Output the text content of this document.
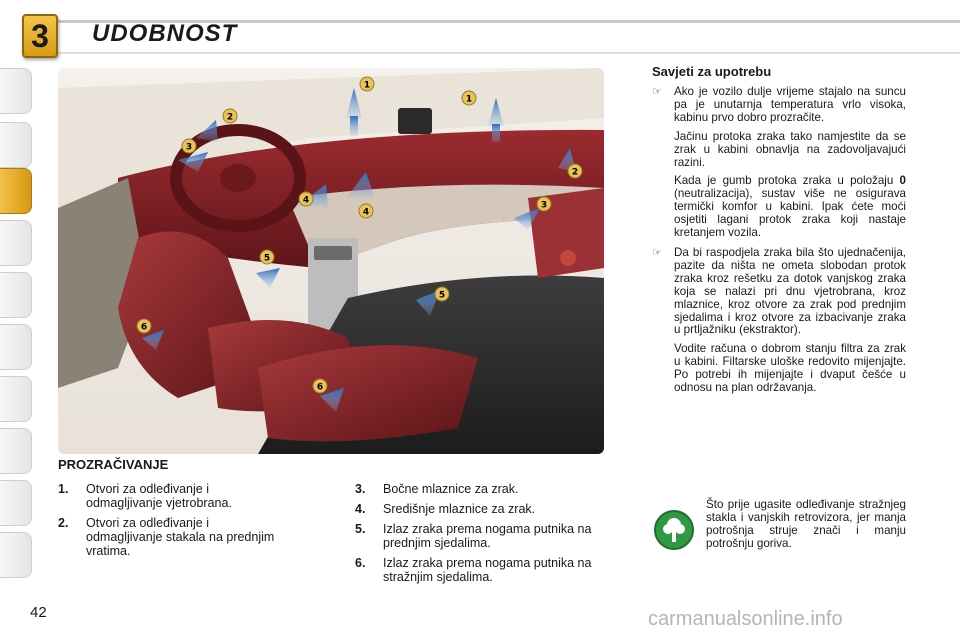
3 UDOBNOST
1
1
2
2
3
3
4
4
5
5
6
6
PROZRAČIVANJE
1.	Otvori za odleđivanje i odmagljivanje vjetrobrana.
2.	Otvori za odleđivanje i odmagljivanje stakala na prednjim vratima.
3.	Bočne mlaznice za zrak.
4.	Središnje mlaznice za zrak.
5.	Izlaz zraka prema nogama putnika na prednjim sjedalima.
6.	Izlaz zraka prema nogama putnika na stražnjim sjedalima.
Savjeti za upotrebu
☞ Ako je vozilo dulje vrijeme stajalo na suncu pa je unutarnja temperatura vrlo visoka, kabinu prvo dobro prozračite.

Jačinu protoka zraka tako namjestite da se zrak u kabini obnavlja na zadovoljavajući razini.

Kada je gumb protoka zraka u položaju 0 (neutralizacija), sustav više ne osigurava termički komfor u kabini. Ipak ćete moći osjetiti lagani protok zraka koji nastaje kretanjem vozila.

☞ Da bi raspodjela zraka bila što ujednačenija, pazite da ništa ne ometa slobodan protok zraka kroz rešetku za dotok vanjskog zraka koja se nalazi pri dnu vjetrobrana, kroz mlaznice, kroz otvore za zrak pod prednjim sjedalima i kroz otvore za izbacivanje zraka u prtljažniku (ekstraktor).

Vodite računa o dobrom stanju filtra za zrak u kabini. Filtarske uloške redovito mijenjajte. Po potrebi ih mijenjajte i dvaput češće u odnosu na plan održavanja.

Što prije ugasite odleđivanje stražnjeg stakla i vanjskih retrovizora, jer manja potrošnja struje znači i manju potrošnju goriva.
42	carmanualsonline.info
